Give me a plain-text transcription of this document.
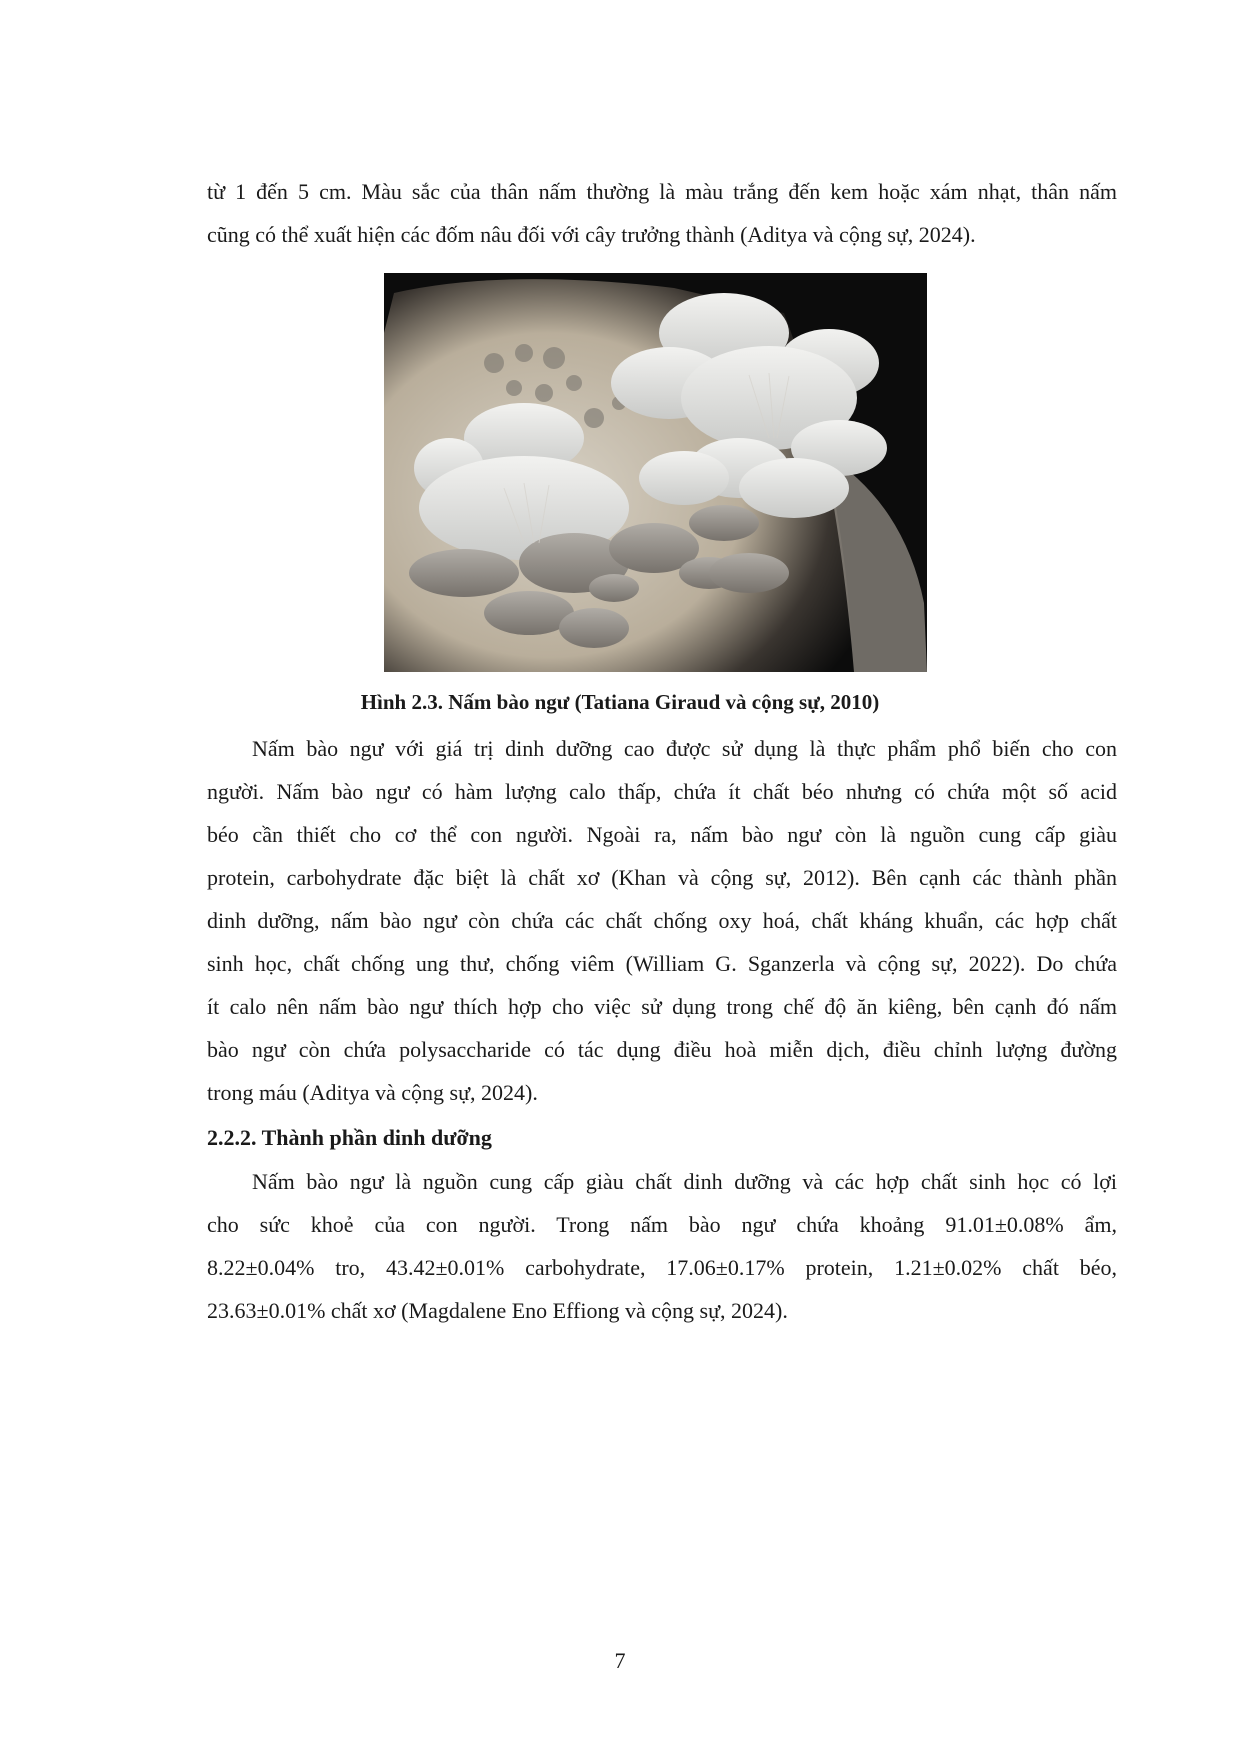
từ 1 đến 5 cm. Màu sắc của thân nấm thường là màu trắng đến kem hoặc xám nhạt, thân nấm
cũng có thể xuất hiện các đốm nâu đối với cây trưởng thành (Aditya và cộng sự, 2024).
Hình 2.3. Nấm bào ngư (Tatiana Giraud và cộng sự, 2010)
Nấm bào ngư với giá trị dinh dưỡng cao được sử dụng là thực phẩm phổ biến cho con
người. Nấm bào ngư có hàm lượng calo thấp, chứa ít chất béo nhưng có chứa một số acid
béo cần thiết cho cơ thể con người. Ngoài ra, nấm bào ngư còn là nguồn cung cấp giàu
protein, carbohydrate đặc biệt là chất xơ (Khan và cộng sự, 2012). Bên cạnh các thành phần
dinh dưỡng, nấm bào ngư còn chứa các chất chống oxy hoá, chất kháng khuẩn, các hợp chất
sinh học, chất chống ung thư, chống viêm (William G. Sganzerla và cộng sự, 2022). Do chứa
ít calo nên nấm bào ngư thích hợp cho việc sử dụng trong chế độ ăn kiêng, bên cạnh đó nấm
bào ngư còn chứa polysaccharide có tác dụng điều hoà miễn dịch, điều chỉnh lượng đường
trong máu (Aditya và cộng sự, 2024).
2.2.2. Thành phần dinh dưỡng
Nấm bào ngư là nguồn cung cấp giàu chất dinh dưỡng và các hợp chất sinh học có lợi
cho sức khoẻ của con người. Trong nấm bào ngư chứa khoảng 91.01±0.08% ẩm,
8.22±0.04% tro, 43.42±0.01% carbohydrate, 17.06±0.17% protein, 1.21±0.02% chất béo,
23.63±0.01% chất xơ (Magdalene Eno Effiong và cộng sự, 2024).
7
